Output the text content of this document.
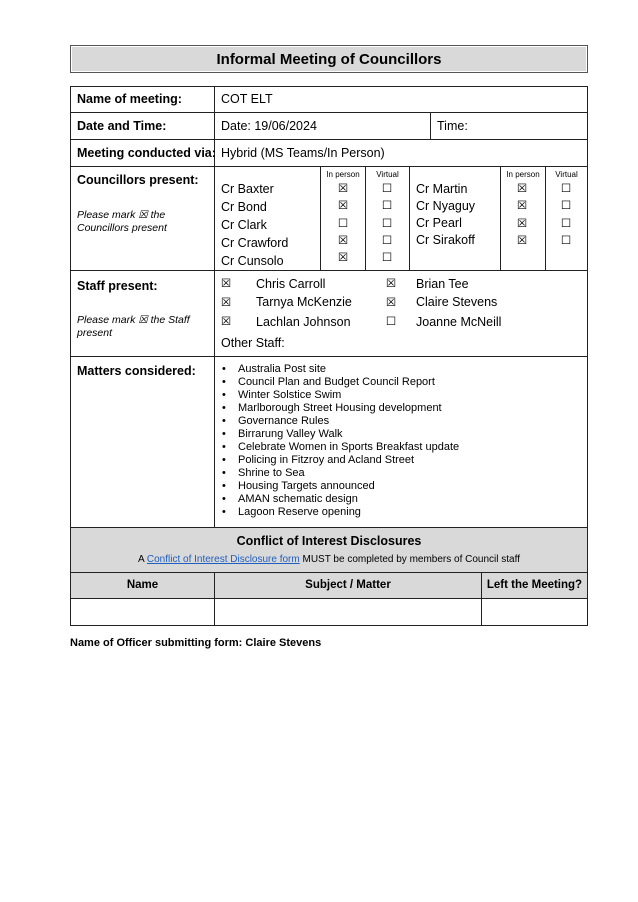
Informal Meeting of Councillors
Name of meeting:	COT ELT
Date and Time:	Date: 19/06/2024	Time:
Meeting conducted via: Hybrid (MS Teams/In Person)
Councillors present:
Please mark ☒ the Councillors present
In person	Virtual	In person	Virtual
Cr Baxter	☒	☐
Cr Bond	☒	☐
Cr Clark	☐	☐
Cr Crawford	☒	☐
Cr Cunsolo	☒	☐
Cr Martin	☒	☐
Cr Nyaguy	☒	☐
Cr Pearl	☒	☐
Cr Sirakoff	☒	☐
Staff present:
Please mark ☒ the Staff present
☒	Chris Carroll
☒	Tarnya McKenzie
☒	Lachlan Johnson
☒	Brian Tee
☒	Claire Stevens
☐	Joanne McNeill
Other Staff:
Matters considered:
•	Australia Post site
• Council Plan and Budget Council Report
• Winter Solstice Swim
• Marlborough Street Housing development
• Governance Rules
• Birrarung Valley Walk
• Celebrate Women in Sports Breakfast update
• Policing in Fitzroy and Acland Street
• Shrine to Sea
• Housing Targets announced
• AMAN schematic design
• Lagoon Reserve opening
Conflict of Interest Disclosures
A Conflict of Interest Disclosure form MUST be completed by members of Council staff
Name	Subject / Matter	Left the Meeting?
Name of Officer submitting form: Claire Stevens
